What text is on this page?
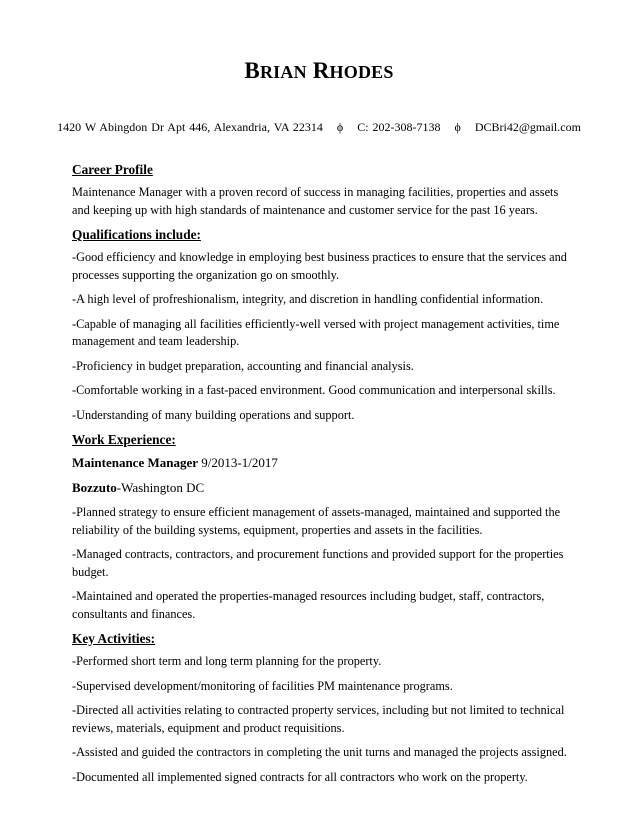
BRIAN RHODES
1420 W Abingdon Dr Apt 446, Alexandria, VA 22314 ϕ C: 202-308-7138 ϕ DCBri42@gmail.com
Career Profile
Maintenance Manager with a proven record of success in managing facilities, properties and assets and keeping up with high standards of maintenance and customer service for the past 16 years.
Qualifications include:
-Good efficiency and knowledge in employing best business practices to ensure that the services and processes supporting the organization go on smoothly.
-A high level of profreshionalism, integrity, and discretion in handling confidential information.
-Capable of managing all facilities efficiently-well versed with project management activities, time management and team leadership.
-Proficiency in budget preparation, accounting and financial analysis.
-Comfortable working in a fast-paced environment. Good communication and interpersonal skills.
-Understanding of many building operations and support.
Work Experience:
Maintenance Manager 9/2013-1/2017
Bozzuto-Washington DC
-Planned strategy to ensure efficient management of assets-managed, maintained and supported the reliability of the building systems, equipment, properties and assets in the facilities.
-Managed contracts, contractors, and procurement functions and provided support for the properties budget.
-Maintained and operated the properties-managed resources including budget, staff, contractors, consultants and finances.
Key Activities:
-Performed short term and long term planning for the property.
-Supervised development/monitoring of facilities PM maintenance programs.
-Directed all activities relating to contracted property services, including but not limited to technical reviews, materials, equipment and product requisitions.
-Assisted and guided the contractors in completing the unit turns and managed the projects assigned.
-Documented all implemented signed contracts for all contractors who work on the property.
